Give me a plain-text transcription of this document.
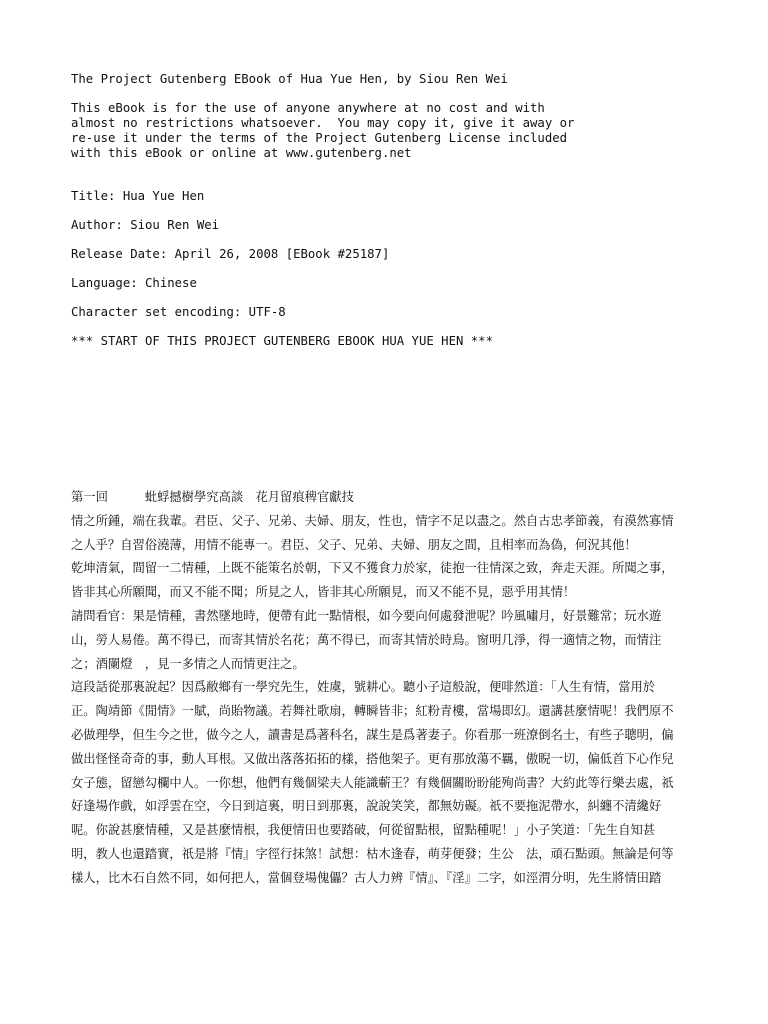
The Project Gutenberg EBook of Hua Yue Hen, by Siou Ren Wei
This eBook is for the use of anyone anywhere at no cost and with
almost no restrictions whatsoever.  You may copy it, give it away or
re-use it under the terms of the Project Gutenberg License included
with this eBook or online at www.gutenberg.net
Title: Hua Yue Hen
Author: Siou Ren Wei
Release Date: April 26, 2008 [EBook #25187]
Language: Chinese
Character set encoding: UTF-8
*** START OF THIS PROJECT GUTENBERG EBOOK HUA YUE HEN ***
第一回　　　蚍蜉撼樹學究高談　花月留痕稗官獻技
情之所鍾，端在我輩。君臣、父子、兄弟、夫婦、朋友，性也，情字不足以盡之。然自古忠孝節義，有漠然寡情
之人乎？自習俗澆薄，用情不能專一。君臣、父子、兄弟、夫婦、朋友之間，且相率而為偽，何況其他！
乾坤清氣，間留一二情種，上既不能策名於朝，下又不獲食力於家，徒抱一往情深之致，奔走天涯。所聞之事，
皆非其心所願聞，而又不能不聞；所見之人，皆非其心所願見，而又不能不見，惡乎用其情！
請問看官：果是情種，書然墜地時，便帶有此一點情根，如今要向何處發泄呢？吟風嘯月，好景難常；玩水遊
山，勞人易倦。萬不得已，而寄其情於名花；萬不得已，而寄其情於時鳥。窗明几淨，得一適情之物，而情注
之；酒闌燈　，見一多情之人而情更注之。
這段話從那裏說起？因爲敝鄉有一學究先生，姓虞，號耕心。聽小子這般說，便啡然道：「人生有情，當用於
正。陶靖節《閒情》一賦，尚貽物議。若舞社歌扇，轉瞬皆非；紅粉青樓，當場即幻。還講甚麼情呢！我們原不
必做理學，但生今之世，做今之人，讀書是爲著科名，謀生是爲著妻子。你看那一班潦倒名士，有些子聰明，偏
做出怪怪奇奇的事，動人耳根。又做出落落拓拓的樣，搭他架子。更有那放蕩不羈，傲睨一切，偏低首下心作兒
女子態，留戀勾欄中人。一你想，他們有幾個梁夫人能識蘄王？有幾個關盼盼能殉尚書？大約此等行樂去處，祇
好逢場作戲，如浮雲在空，今日到這裏，明日到那裏，說說笑笑，都無妨礙。祇不要拖泥帶水，糾纏不清纔好
呢。你說甚麼情種，又是甚麼情根，我便情田也要踏破，何從留點根，留點種呢！」小子笑道：「先生自知甚
明，教人也還踏實，祇是將『情』字徑行抹煞！試想：枯木逢春，萌芽便發；生公　法，頑石點頭。無論是何等
樣人，比木石自然不同，如何把人，當個登場傀儡？古人力辨『情』、『淫』二字，如涇渭分明，先生將情田踏
